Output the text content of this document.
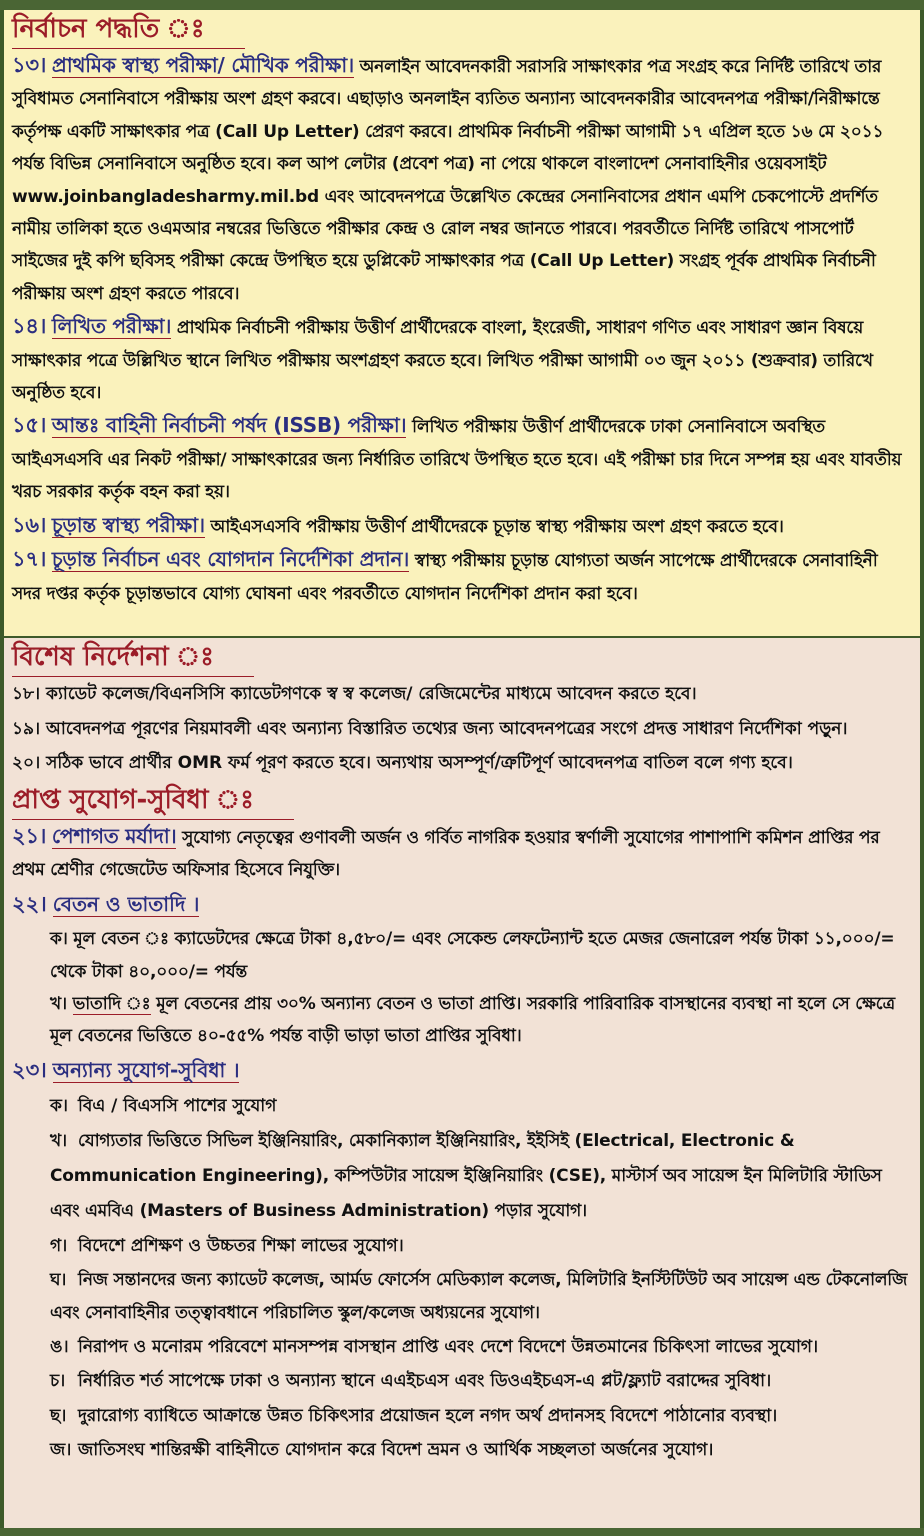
নির্বাচন পদ্ধতি ঃ

১৩। প্রাথমিক স্বাস্থ্য পরীক্ষা/ মৌখিক পরীক্ষা। অনলাইন আবেদনকারী সরাসরি সাক্ষাৎকার পত্র সংগ্রহ করে নির্দিষ্ট তারিখে তার সুবিধামত সেনানিবাসে পরীক্ষায় অংশ গ্রহণ করবে। এছাড়াও অনলাইন ব্যতিত অন্যান্য আবেদনকারীর আবেদনপত্র পরীক্ষা/নিরীক্ষান্তে কর্তৃপক্ষ একটি সাক্ষাৎকার পত্র (Call Up Letter) প্রেরণ করবে। প্রাথমিক নির্বাচনী পরীক্ষা আগামী ১৭ এপ্রিল হতে ১৬ মে ২০১১ পর্যন্ত বিভিন্ন সেনানিবাসে অনুষ্ঠিত হবে। কল আপ লেটার (প্রবেশ পত্র) না পেয়ে থাকলে বাংলাদেশ সেনাবাহিনীর ওয়েবসাইট www.joinbangladesharmy.mil.bd এবং আবেদনপত্রে উল্লেখিত কেন্দ্রের সেনানিবাসের প্রধান এমপি চেকপোস্টে প্রদর্শিত নামীয় তালিকা হতে ওএমআর নম্বরের ভিত্তিতে পরীক্ষার কেন্দ্র ও রোল নম্বর জানতে পারবে। পরবর্তীতে নির্দিষ্ট তারিখে পাসপোর্ট সাইজের দুই কপি ছবিসহ পরীক্ষা কেন্দ্রে উপস্থিত হয়ে ডুপ্লিকেট সাক্ষাৎকার পত্র (Call Up Letter) সংগ্রহ পূর্বক প্রাথমিক নির্বাচনী পরীক্ষায় অংশ গ্রহণ করতে পারবে।

১৪। লিখিত পরীক্ষা। প্রাথমিক নির্বাচনী পরীক্ষায় উত্তীর্ণ প্রার্থীদেরকে বাংলা, ইংরেজী, সাধারণ গণিত এবং সাধারণ জ্ঞান বিষয়ে সাক্ষাৎকার পত্রে উল্লিখিত স্থানে লিখিত পরীক্ষায় অংশগ্রহণ করতে হবে। লিখিত পরীক্ষা আগামী ০৩ জুন ২০১১ (শুক্রবার) তারিখে অনুষ্ঠিত হবে।

১৫। আন্তঃ বাহিনী নির্বাচনী পর্ষদ (ISSB) পরীক্ষা। লিখিত পরীক্ষায় উত্তীর্ণ প্রার্থীদেরকে ঢাকা সেনানিবাসে অবস্থিত আইএসএসবি এর নিকট পরীক্ষা/ সাক্ষাৎকারের জন্য নির্ধারিত তারিখে উপস্থিত হতে হবে। এই পরীক্ষা চার দিনে সম্পন্ন হয় এবং যাবতীয় খরচ সরকার কর্তৃক বহন করা হয়।

১৬। চূড়ান্ত স্বাস্থ্য পরীক্ষা। আইএসএসবি পরীক্ষায় উত্তীর্ণ প্রার্থীদেরকে চূড়ান্ত স্বাস্থ্য পরীক্ষায় অংশ গ্রহণ করতে হবে।

১৭। চূড়ান্ত নির্বাচন এবং যোগদান নির্দেশিকা প্রদান। স্বাস্থ্য পরীক্ষায় চূড়ান্ত যোগ্যতা অর্জন সাপেক্ষে প্রার্থীদেরকে সেনাবাহিনী সদর দপ্তর কর্তৃক চূড়ান্তভাবে যোগ্য ঘোষনা এবং পরবর্তীতে যোগদান নির্দেশিকা প্রদান করা হবে।

বিশেষ নির্দেশনা ঃ
১৮। ক্যাডেট কলেজ/বিএনসিসি ক্যাডেটগণকে স্ব স্ব কলেজ/ রেজিমেন্টের মাধ্যমে আবেদন করতে হবে।
১৯। আবেদনপত্র পূরণের নিয়মাবলী এবং অন্যান্য বিস্তারিত তথ্যের জন্য আবেদনপত্রের সংগে প্রদত্ত সাধারণ নির্দেশিকা পড়ুন।
২০। সঠিক ভাবে প্রার্থীর OMR ফর্ম পূরণ করতে হবে। অন্যথায় অসম্পূর্ণ/ত্রুটিপূর্ণ আবেদনপত্র বাতিল বলে গণ্য হবে।
প্রাপ্ত সুযোগ-সুবিধা ঃ

২১। পেশাগত মর্যাদা। সুযোগ্য নেতৃত্বের গুণাবলী অর্জন ও গর্বিত নাগরিক হওয়ার স্বর্ণালী সুযোগের পাশাপাশি কমিশন প্রাপ্তির পর প্রথম শ্রেণীর গেজেটেড অফিসার হিসেবে নিযুক্তি।

২২। বেতন ও ভাতাদি ।

ক। মূল বেতন ঃ ক্যাডেটদের ক্ষেত্রে টাকা ৪,৫৮০/= এবং সেকেন্ড লেফটেন্যান্ট হতে মেজর জেনারেল পর্যন্ত টাকা ১১,০০০/= থেকে টাকা ৪০,০০০/= পর্যন্ত

খ। ভাতাদি ঃ মূল বেতনের প্রায় ৩০% অন্যান্য বেতন ও ভাতা প্রাপ্তি। সরকারি পারিবারিক বাসস্থানের ব্যবস্থা না হলে সে ক্ষেত্রে মূল বেতনের ভিত্তিতে ৪০-৫৫% পর্যন্ত বাড়ী ভাড়া ভাতা প্রাপ্তির সুবিধা।

২৩। অন্যান্য সুযোগ-সুবিধা ।
ক। বিএ / বিএসসি পাশের সুযোগ

খ। যোগ্যতার ভিত্তিতে সিভিল ইঞ্জিনিয়ারিং, মেকানিক্যাল ইঞ্জিনিয়ারিং, ইইসিই (Electrical, Electronic & Communication Engineering), কম্পিউটার সায়েন্স ইঞ্জিনিয়ারিং (CSE), মাস্টার্স অব সায়েন্স ইন মিলিটারি স্টাডিস এবং এমবিএ (Masters of Business Administration) পড়ার সুযোগ।

গ। বিদেশে প্রশিক্ষণ ও উচ্চতর শিক্ষা লাভের সুযোগ।

ঘ। নিজ সন্তানদের জন্য ক্যাডেট কলেজ, আর্মড ফোর্সেস মেডিক্যাল কলেজ, মিলিটারি ইনস্টিটিউট অব সায়েন্স এন্ড টেকনোলজি এবং সেনাবাহিনীর তত্ত্বাবধানে পরিচালিত স্কুল/কলেজ অধ্যয়নের সুযোগ।

ঙ। নিরাপদ ও মনোরম পরিবেশে মানসম্পন্ন বাসস্থান প্রাপ্তি এবং দেশে বিদেশে উন্নতমানের চিকিৎসা লাভের সুযোগ।
চ। নির্ধারিত শর্ত সাপেক্ষে ঢাকা ও অন্যান্য স্থানে এএইচএস এবং ডিওএইচএস-এ প্লট/ফ্ল্যাট বরাদ্দের সুবিধা।
ছ। দুরারোগ্য ব্যাধিতে আক্রান্তে উন্নত চিকিৎসার প্রয়োজন হলে নগদ অর্থ প্রদানসহ বিদেশে পাঠানোর ব্যবস্থা।
জ। জাতিসংঘ শান্তিরক্ষী বাহিনীতে যোগদান করে বিদেশ ভ্রমন ও আর্থিক সচ্ছলতা অর্জনের সুযোগ।
